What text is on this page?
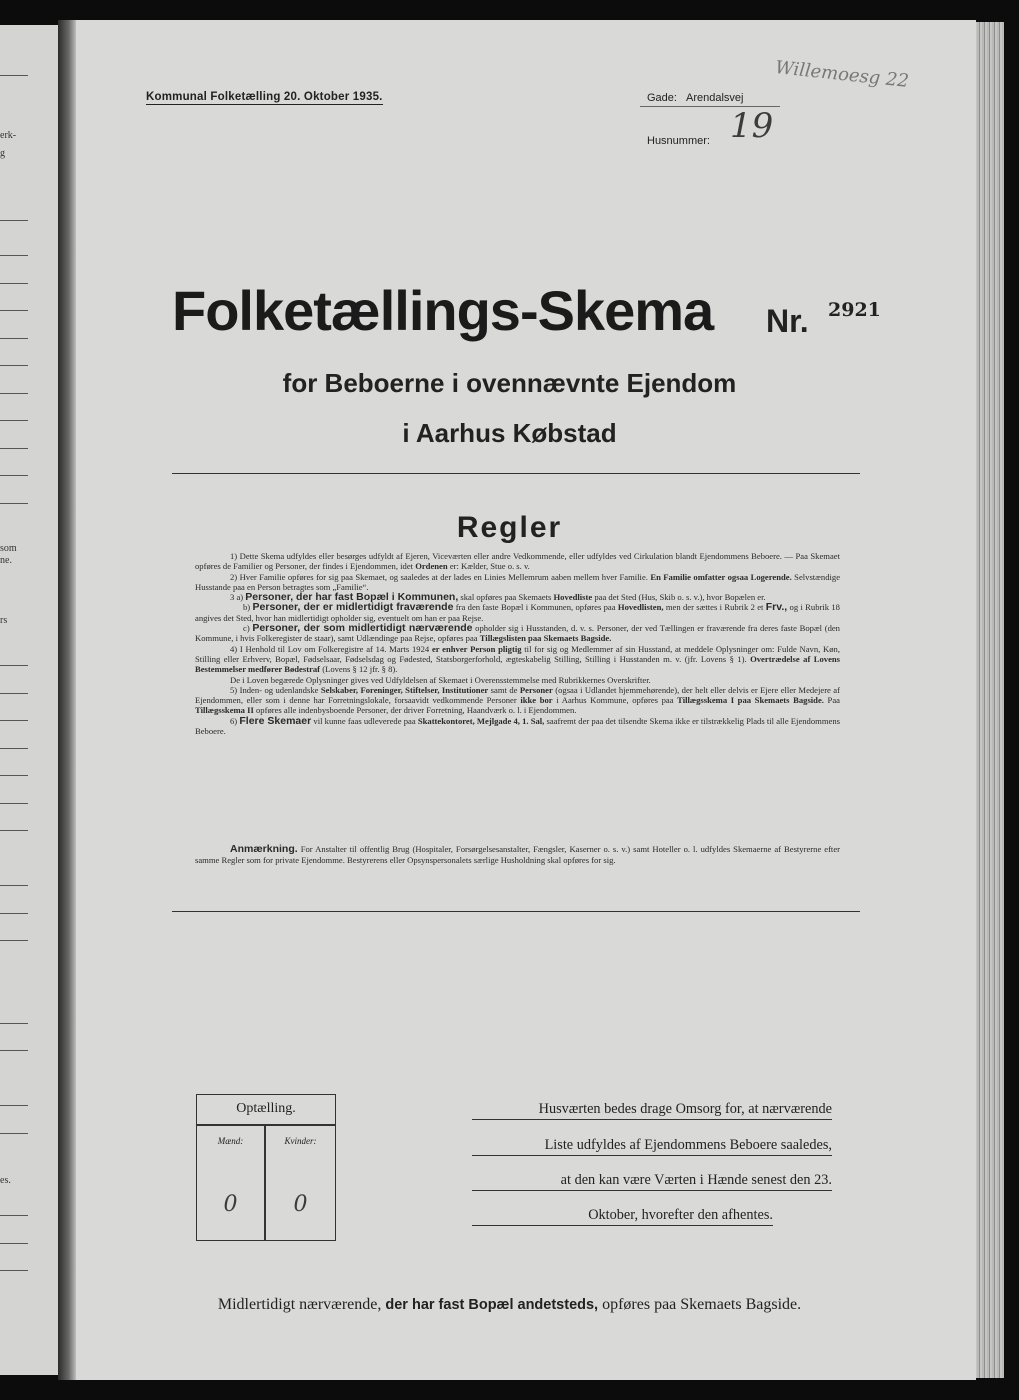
erk-
g
som
ne.
rs
es.
Kommunal Folketælling 20. Oktober 1935.	Gade: Arendalsvej
Willemoesg 22
Husnummer: 19
Folketællings-Skema Nr. 2921
for Beboerne i ovennævnte Ejendom
i Aarhus Købstad
Regler

1) Dette Skema udfyldes eller besørges udfyldt af Ejeren, Viceværten eller andre Vedkommende, eller udfyldes ved Cirkulation blandt Ejendommens Beboere. — Paa Skemaet opføres de Familier og Personer, der findes i Ejendommen, idet Ordenen er: Kælder, Stue o. s. v.

2) Hver Familie opføres for sig paa Skemaet, og saaledes at der lades en Linies Mellemrum aaben mellem hver Familie. En Familie omfatter ogsaa Logerende. Selvstændige Husstande paa en Person betragtes som „Familie“.

3 a) Personer, der har fast Bopæl i Kommunen, skal opføres paa Skemaets Hovedliste paa det Sted (Hus, Skib o. s. v.), hvor Bopælen er.

b) Personer, der er midlertidigt fraværende fra den faste Bopæl i Kommunen, opføres paa Hovedlisten, men der sættes i Rubrik 2 et Frv., og i Rubrik 18 angives det Sted, hvor han midlertidigt opholder sig, eventuelt om han er paa Rejse.

c) Personer, der som midlertidigt nærværende opholder sig i Husstanden, d. v. s. Personer, der ved Tællingen er fraværende fra deres faste Bopæl (den Kommune, i hvis Folkeregister de staar), samt Udlændinge paa Rejse, opføres paa Tillægslisten paa Skemaets Bagside.

4) I Henhold til Lov om Folkeregistre af 14. Marts 1924 er enhver Person pligtig til for sig og Medlemmer af sin Husstand, at meddele Oplysninger om: Fulde Navn, Køn, Stilling eller Erhverv, Bopæl, Fødselsaar, Fødselsdag og Fødested, Statsborgerforhold, ægteskabelig Stilling, Stilling i Husstanden m. v. (jfr. Lovens § 1). Overtrædelse af Lovens Bestemmelser medfører Bødestraf (Lovens § 12 jfr. § 8).

De i Loven begærede Oplysninger gives ved Udfyldelsen af Skemaet i Overensstemmelse med Rubrikkernes Overskrifter.

5) Inden- og udenlandske Selskaber, Foreninger, Stiftelser, Institutioner samt de Personer (ogsaa i Udlandet hjemmehørende), der helt eller delvis er Ejere eller Medejere af Ejendommen, eller som i denne har Forretningslokale, forsaavidt vedkommende Personer ikke bor i Aarhus Kommune, opføres paa Tillægsskema I paa Skemaets Bagside. Paa Tillægsskema II opføres alle indenbysboende Personer, der driver Forretning, Haandværk o. l. i Ejendommen.

6) Flere Skemaer vil kunne faas udleverede paa Skattekontoret, Mejlgade 4, 1. Sal, saafremt der paa det tilsendte Skema ikke er tilstrækkelig Plads til alle Ejendommens Beboere.

Anmærkning. For Anstalter til offentlig Brug (Hospitaler, Forsørgelsesanstalter, Fængsler, Kaserner o. s. v.) samt Hoteller o. l. udfyldes Skemaerne af Bestyrerne efter samme Regler som for private Ejendomme. Bestyrerens eller Opsynspersonalets særlige Husholdning skal opføres for sig.
Optælling.
Mænd:	Kvinder:
0	0
Husværten bedes drage Omsorg for, at nærværende
Liste udfyldes af Ejendommens Beboere saaledes,
at den kan være Værten i Hænde senest den 23.
Oktober, hvorefter den afhentes.
Midlertidigt nærværende, der har fast Bopæl andetsteds, opføres paa Skemaets Bagside.
